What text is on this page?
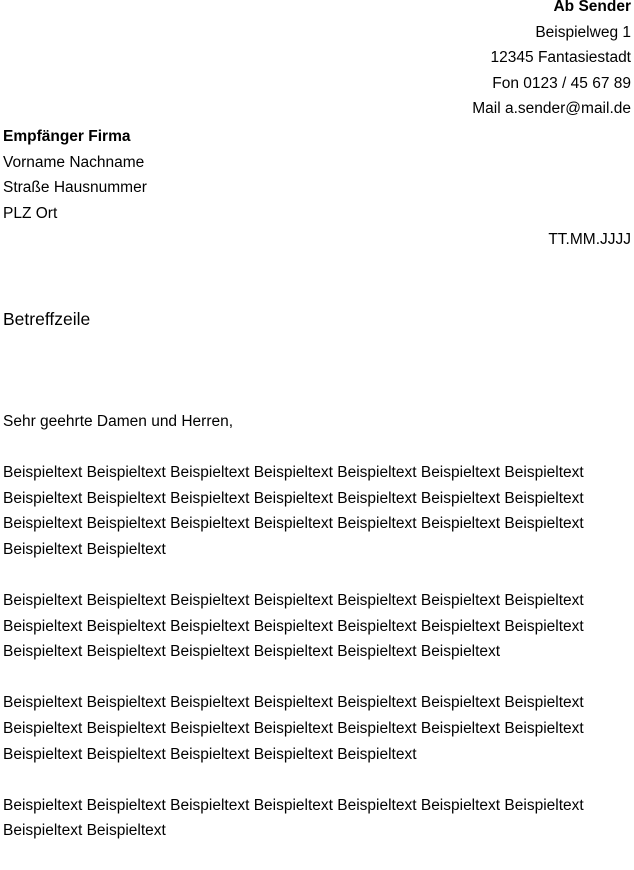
Ab Sender
Beispielweg 1
12345 Fantasiestadt
Fon 0123 / 45 67 89
Mail a.sender@mail.de
Empfänger Firma
Vorname Nachname
Straße Hausnummer
PLZ Ort
TT.MM.JJJJ
Betreffzeile
Sehr geehrte Damen und Herren,
Beispieltext Beispieltext Beispieltext Beispieltext Beispieltext Beispieltext Beispieltext
Beispieltext Beispieltext Beispieltext Beispieltext Beispieltext Beispieltext Beispieltext
Beispieltext Beispieltext Beispieltext Beispieltext Beispieltext Beispieltext Beispieltext
Beispieltext Beispieltext
Beispieltext Beispieltext Beispieltext Beispieltext Beispieltext Beispieltext Beispieltext
Beispieltext Beispieltext Beispieltext Beispieltext Beispieltext Beispieltext Beispieltext
Beispieltext Beispieltext Beispieltext Beispieltext Beispieltext Beispieltext
Beispieltext Beispieltext Beispieltext Beispieltext Beispieltext Beispieltext Beispieltext
Beispieltext Beispieltext Beispieltext Beispieltext Beispieltext Beispieltext Beispieltext
Beispieltext Beispieltext Beispieltext Beispieltext Beispieltext
Beispieltext Beispieltext Beispieltext Beispieltext Beispieltext Beispieltext Beispieltext
Beispieltext Beispieltext
